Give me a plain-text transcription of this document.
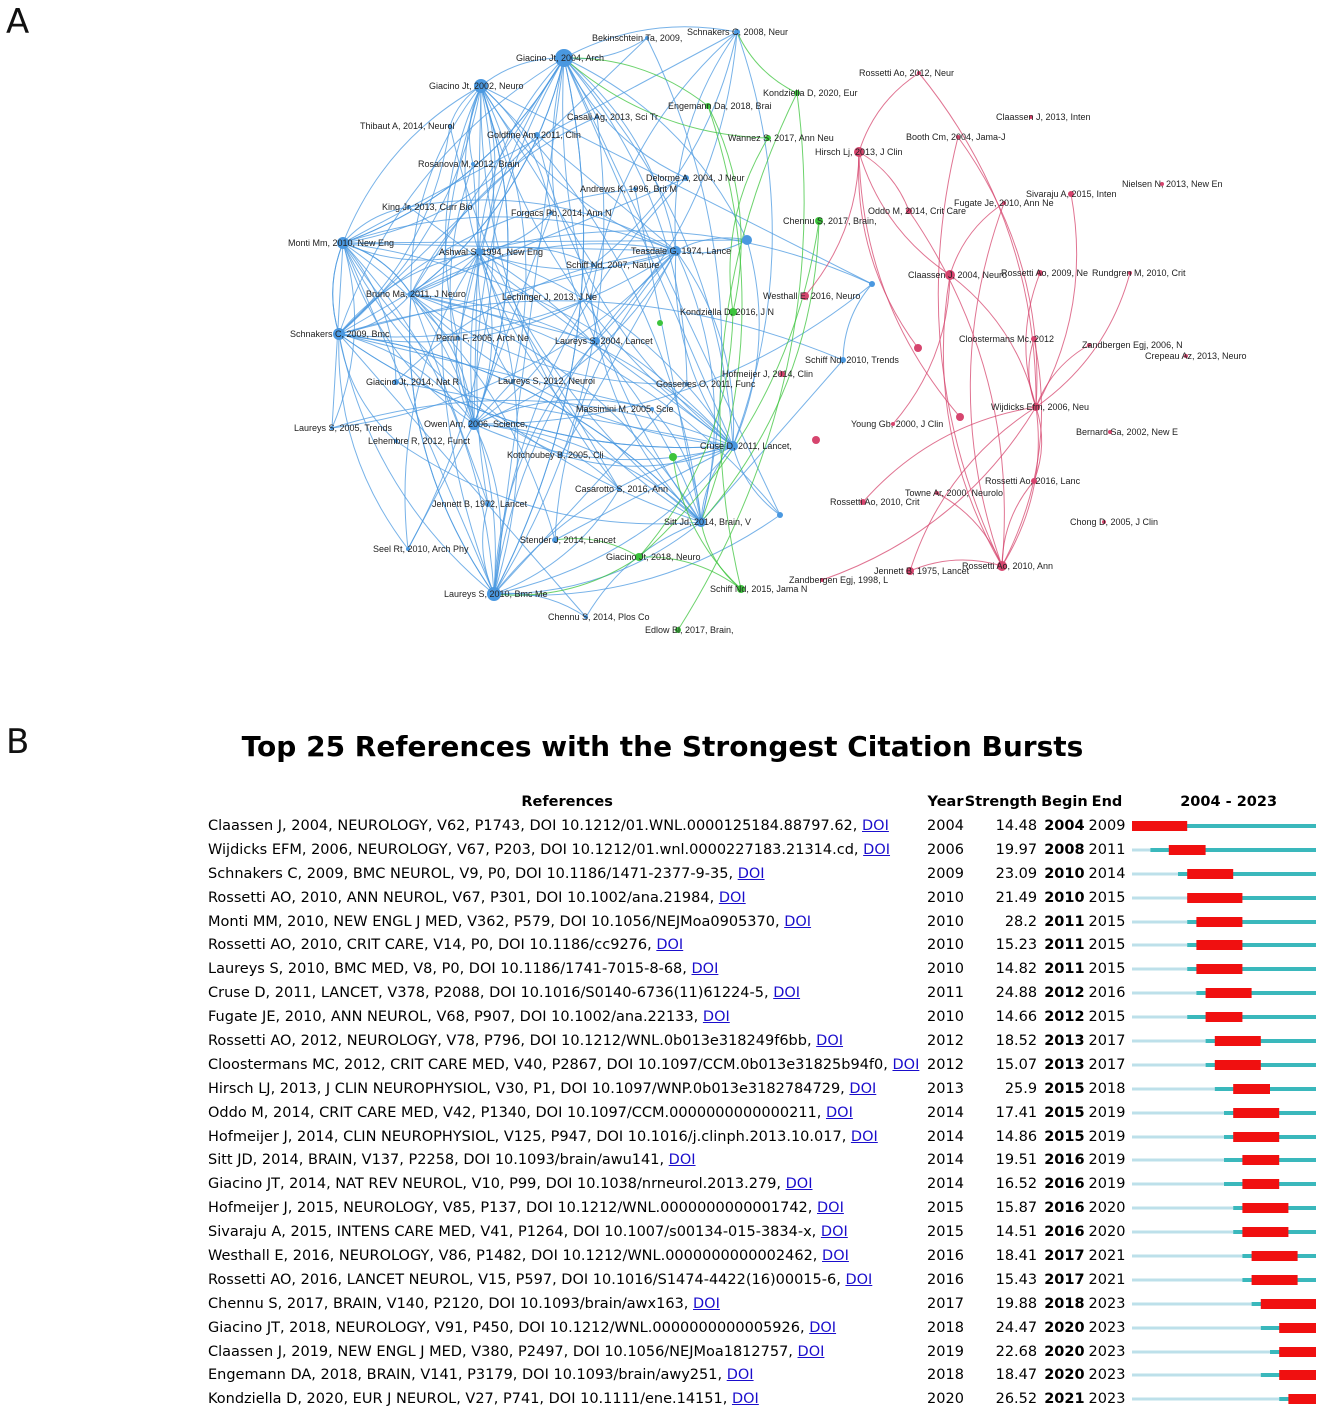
A
B
Giacino Jt, 2004, Arch
Bekinschtein Ta, 2009,
Schnakers C, 2008, Neur
Giacino Jt, 2002, Neuro
Kondziella D, 2020, Eur
Rossetti Ao, 2012, Neur
Engemann Da, 2018, Brai
Casali Ag, 2013, Sci Tr
Thibaut A, 2014, Neurol
Goldfine Am, 2011, Clin
Claassen J, 2013, Inten
Booth Cm, 2004, Jama-J
Wannez S, 2017, Ann Neu
Hirsch Lj, 2013, J Clin
Rosanova M, 2012, Brain
Delorme A, 2004, J Neur
Andrews K, 1996, Brit M	Nielsen N, 2013, New En
Sivaraju A, 2015, Inten
Fugate Je, 2010, Ann Ne
King Jr, 2013, Curr Bio
Forgacs Pb, 2014, Ann N	Oddo M, 2014, Crit Care
Chennu S, 2017, Brain,
Monti Mm, 2010, New Eng
Ashwal S, 1994, New Eng	Teasdale G, 1974, Lance
Schiff Nd, 2007, Nature
Claassen J, 2004, Neuro
Rossetti Ao, 2009, Ne Rundgren M, 2010, Crit
Bruno Ma, 2011, J Neuro	Lechinger J, 2013, J Ne	Westhall E, 2016, Neuro
Kondziella D, 2016, J N
Schnakers C, 2009, Bmc	Perrin F, 2006, Arch Ne	Laureys S, 2004, Lancet	Cloostermans Mc, 2012
Zandbergen Egj, 2006, N
Crepeau Az, 2013, Neuro
Schiff Nd, 2010, Trends
Hofmeijer J, 2014, Clin
Giacino Jt, 2014, Nat R	Laureys S, 2012, Neuroi	Gosseries O, 2011, Func
Wijdicks Efm, 2006, Neu
Massimini M, 2005, Scie
Laureys S, 2005, Trends	Owen Am, 2006, Science,	Young Gb, 2000, J Clin
Bernard Sa, 2002, New E
Cruse D, 2011, Lancet,
Lehembre R, 2012, Funct
Kotchoubey B, 2005, Cli
Rossetti Ao, 2016, Lanc
Casarotto S, 2016, Ann	Towne Ar, 2000, Neurolo
Jennett B, 1972, Lancet	Rossetti Ao, 2010, Crit
Chong D, 2005, J Clin
Sitt Jd, 2014, Brain, V
Stender J, 2014, Lancet
Seel Rt, 2010, Arch Phy
Giacino Jt, 2018, Neuro
Rossetti Ao, 2010, Ann
Jennett B, 1975, Lancet
Schiff Nd, 2015, Jama N
Zandbergen Egj, 1998, L
Laureys S, 2010, Bmc Me
Chennu S, 2014, Plos Co
Edlow Bl, 2017, Brain,
Top 25 References with the Strongest Citation Bursts
References	Year	Strength	Begin	End	2004 - 2023
Claassen J, 2004, NEUROLOGY, V62, P1743, DOI 10.1212/01.WNL.0000125184.88797.62, DOI	2004	14.48	2004	2009	

Wijdicks EFM, 2006, NEUROLOGY, V67, P203, DOI 10.1212/01.wnl.0000227183.21314.cd, DOI	2006	19.97	2008	2011	

Schnakers C, 2009, BMC NEUROL, V9, P0, DOI 10.1186/1471-2377-9-35, DOI	2009	23.09	2010	2014	

Rossetti AO, 2010, ANN NEUROL, V67, P301, DOI 10.1002/ana.21984, DOI	2010	21.49	2010	2015	

Monti MM, 2010, NEW ENGL J MED, V362, P579, DOI 10.1056/NEJMoa0905370, DOI	2010	28.2	2011	2015	

Rossetti AO, 2010, CRIT CARE, V14, P0, DOI 10.1186/cc9276, DOI	2010	15.23	2011	2015	

Laureys S, 2010, BMC MED, V8, P0, DOI 10.1186/1741-7015-8-68, DOI	2010	14.82	2011	2015	

Cruse D, 2011, LANCET, V378, P2088, DOI 10.1016/S0140-6736(11)61224-5, DOI	2011	24.88	2012	2016	

Fugate JE, 2010, ANN NEUROL, V68, P907, DOI 10.1002/ana.22133, DOI	2010	14.66	2012	2015	

Rossetti AO, 2012, NEUROLOGY, V78, P796, DOI 10.1212/WNL.0b013e318249f6bb, DOI	2012	18.52	2013	2017	

Cloostermans MC, 2012, CRIT CARE MED, V40, P2867, DOI 10.1097/CCM.0b013e31825b94f0, DOI	2012	15.07	2013	2017	

Hirsch LJ, 2013, J CLIN NEUROPHYSIOL, V30, P1, DOI 10.1097/WNP.0b013e3182784729, DOI	2013	25.9	2015	2018	

Oddo M, 2014, CRIT CARE MED, V42, P1340, DOI 10.1097/CCM.0000000000000211, DOI	2014	17.41	2015	2019	

Hofmeijer J, 2014, CLIN NEUROPHYSIOL, V125, P947, DOI 10.1016/j.clinph.2013.10.017, DOI	2014	14.86	2015	2019	

Sitt JD, 2014, BRAIN, V137, P2258, DOI 10.1093/brain/awu141, DOI	2014	19.51	2016	2019	

Giacino JT, 2014, NAT REV NEUROL, V10, P99, DOI 10.1038/nrneurol.2013.279, DOI	2014	16.52	2016	2019	

Hofmeijer J, 2015, NEUROLOGY, V85, P137, DOI 10.1212/WNL.0000000000001742, DOI	2015	15.87	2016	2020	

Sivaraju A, 2015, INTENS CARE MED, V41, P1264, DOI 10.1007/s00134-015-3834-x, DOI	2015	14.51	2016	2020	

Westhall E, 2016, NEUROLOGY, V86, P1482, DOI 10.1212/WNL.0000000000002462, DOI	2016	18.41	2017	2021	

Rossetti AO, 2016, LANCET NEUROL, V15, P597, DOI 10.1016/S1474-4422(16)00015-6, DOI	2016	15.43	2017	2021	

Chennu S, 2017, BRAIN, V140, P2120, DOI 10.1093/brain/awx163, DOI	2017	19.88	2018	2023	

Giacino JT, 2018, NEUROLOGY, V91, P450, DOI 10.1212/WNL.0000000000005926, DOI	2018	24.47	2020	2023	

Claassen J, 2019, NEW ENGL J MED, V380, P2497, DOI 10.1056/NEJMoa1812757, DOI	2019	22.68	2020	2023	

Engemann DA, 2018, BRAIN, V141, P3179, DOI 10.1093/brain/awy251, DOI	2018	18.47	2020	2023	

Kondziella D, 2020, EUR J NEUROL, V27, P741, DOI 10.1111/ene.14151, DOI	2020	26.52	2021	2023	
